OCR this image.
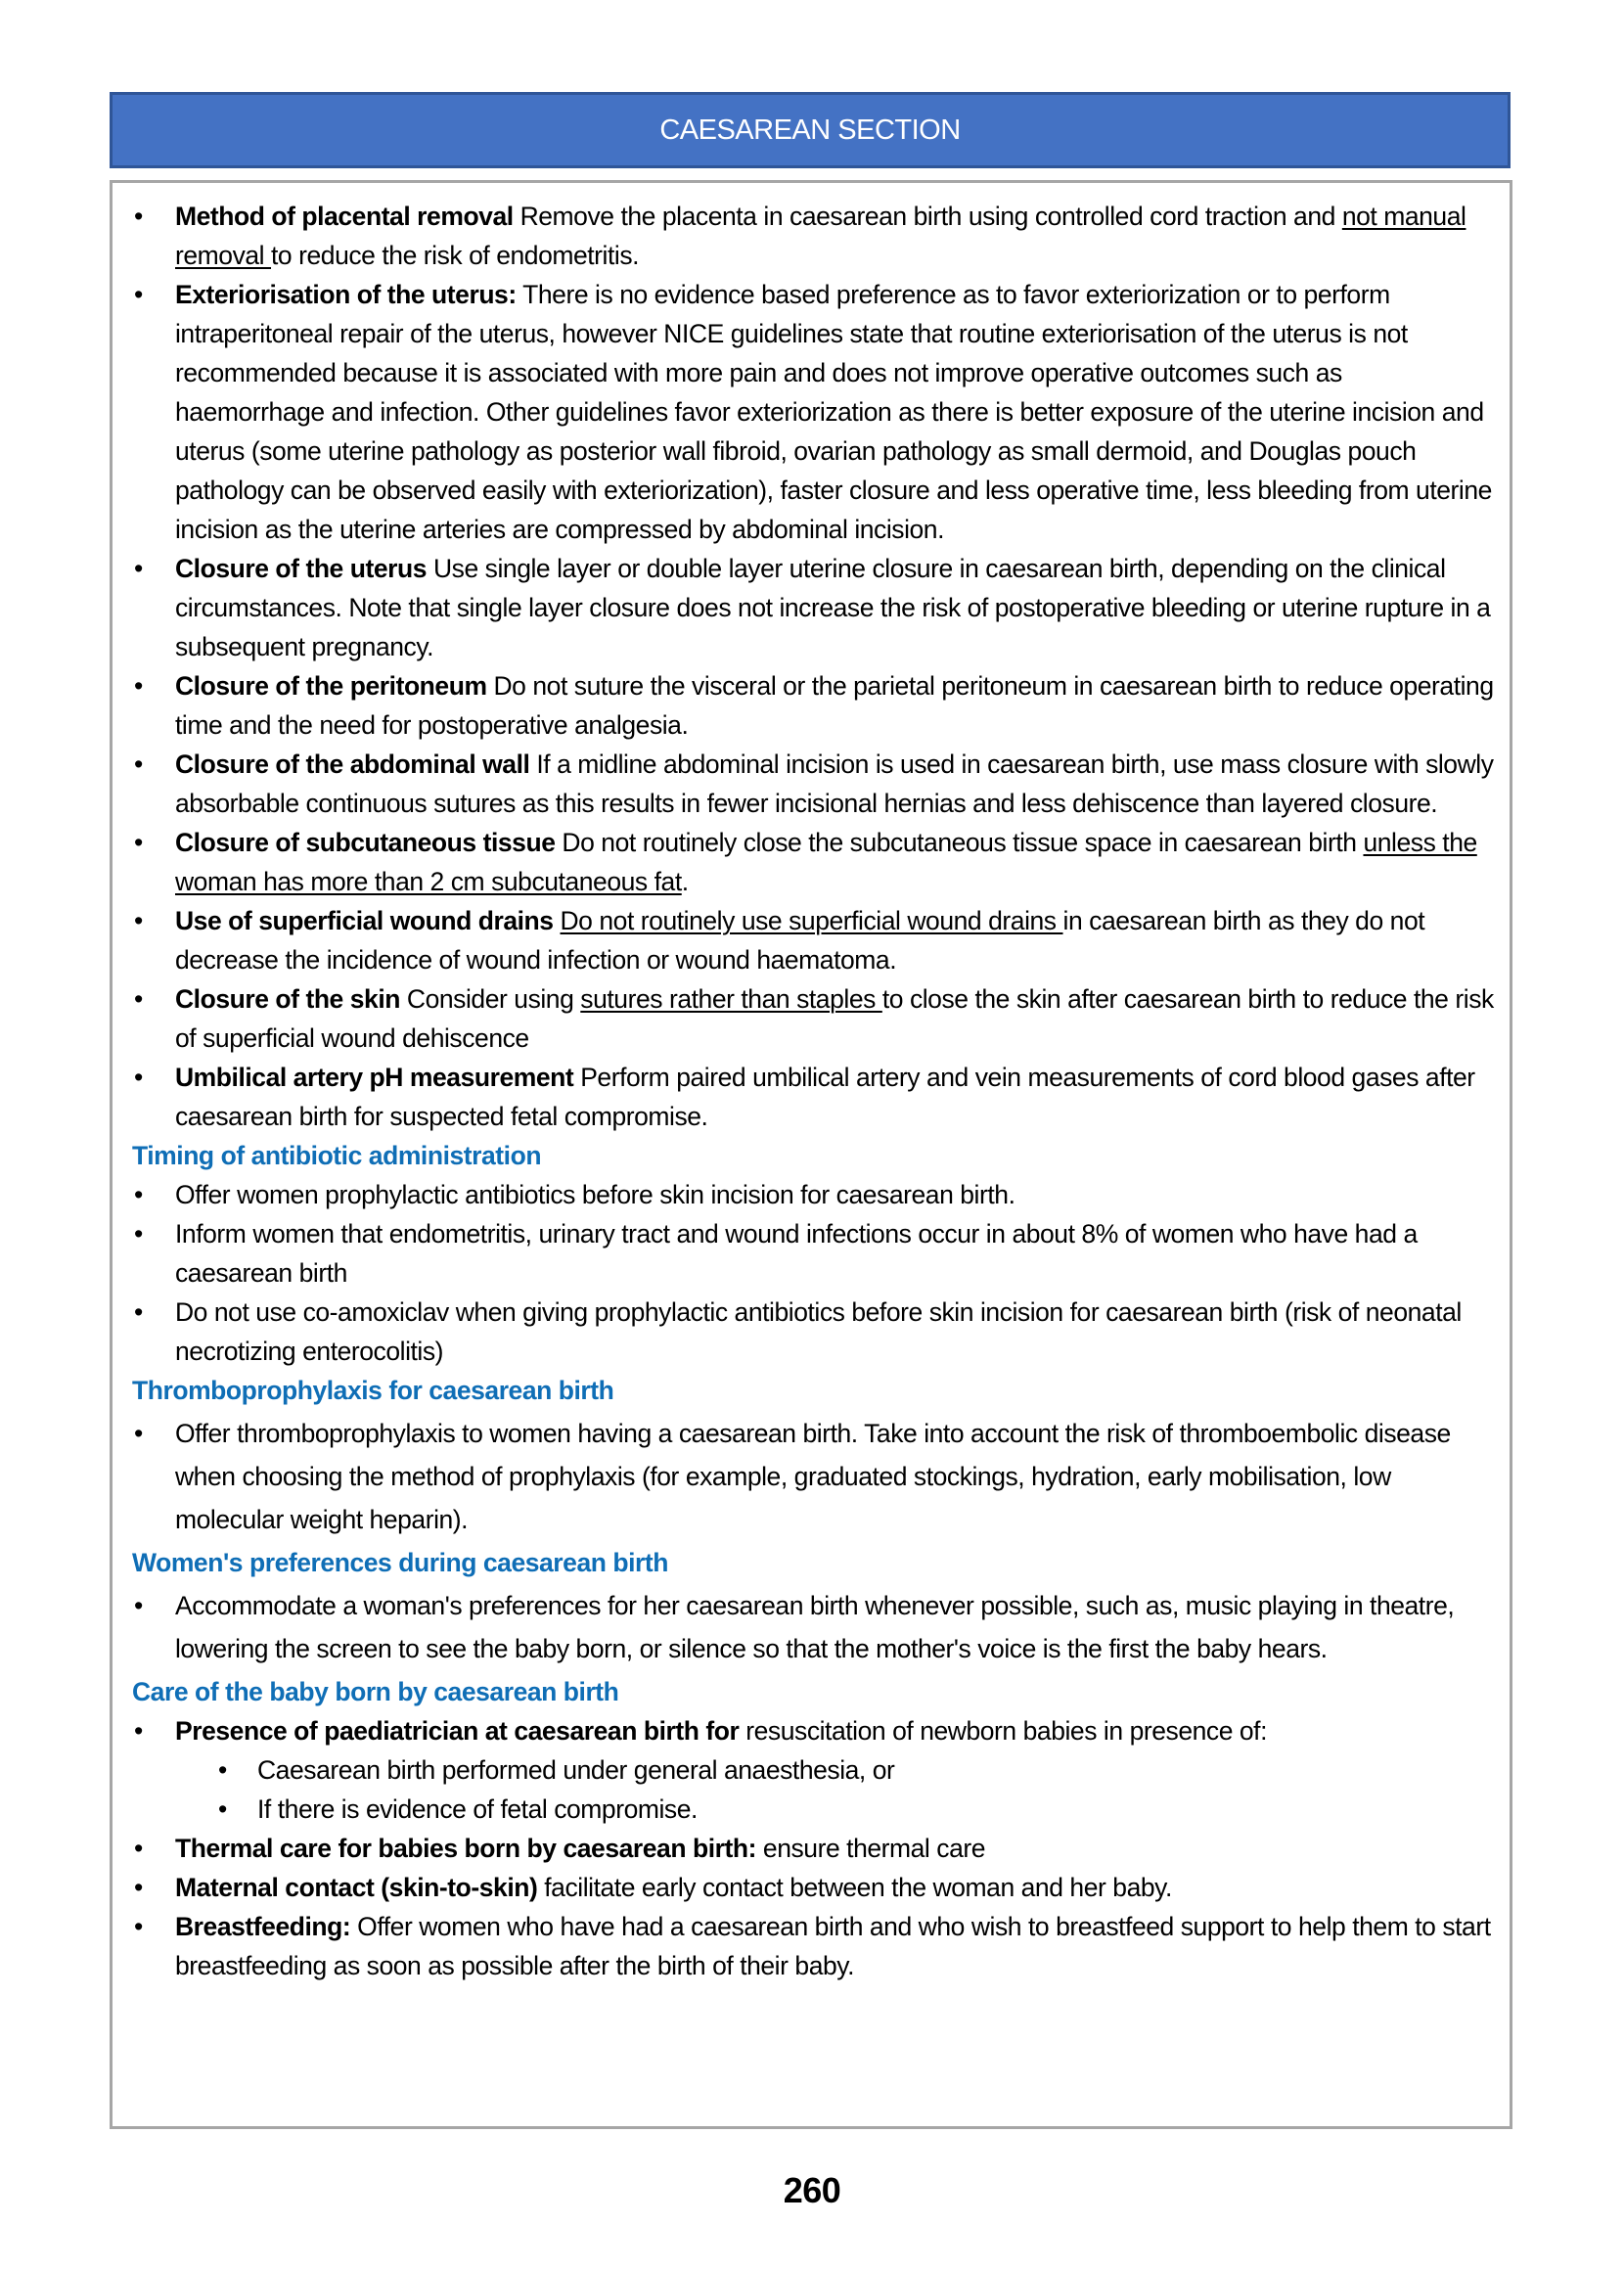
CAESAREAN SECTION
• Method of placental removal Remove the placenta in caesarean birth using controlled cord traction and not manual removal to reduce the risk of endometritis.
• Exteriorisation of the uterus: There is no evidence based preference as to favor exteriorization or to perform intraperitoneal repair of the uterus, however NICE guidelines state that routine exteriorisation of the uterus is not recommended because it is associated with more pain and does not improve operative outcomes such as haemorrhage and infection. Other guidelines favor exteriorization as there is better exposure of the uterine incision and uterus (some uterine pathology as posterior wall fibroid, ovarian pathology as small dermoid, and Douglas pouch pathology can be observed easily with exteriorization), faster closure and less operative time, less bleeding from uterine incision as the uterine arteries are compressed by abdominal incision.
• Closure of the uterus Use single layer or double layer uterine closure in caesarean birth, depending on the clinical circumstances. Note that single layer closure does not increase the risk of postoperative bleeding or uterine rupture in a subsequent pregnancy.
• Closure of the peritoneum Do not suture the visceral or the parietal peritoneum in caesarean birth to reduce operating time and the need for postoperative analgesia.
• Closure of the abdominal wall If a midline abdominal incision is used in caesarean birth, use mass closure with slowly absorbable continuous sutures as this results in fewer incisional hernias and less dehiscence than layered closure.
• Closure of subcutaneous tissue Do not routinely close the subcutaneous tissue space in caesarean birth unless the woman has more than 2 cm subcutaneous fat.
• Use of superficial wound drains Do not routinely use superficial wound drains in caesarean birth as they do not decrease the incidence of wound infection or wound haematoma.
• Closure of the skin Consider using sutures rather than staples to close the skin after caesarean birth to reduce the risk of superficial wound dehiscence
• Umbilical artery pH measurement Perform paired umbilical artery and vein measurements of cord blood gases after caesarean birth for suspected fetal compromise.

Timing of antibiotic administration

• Offer women prophylactic antibiotics before skin incision for caesarean birth.
• Inform women that endometritis, urinary tract and wound infections occur in about 8% of women who have had a caesarean birth
• Do not use co-amoxiclav when giving prophylactic antibiotics before skin incision for caesarean birth (risk of neonatal necrotizing enterocolitis)

Thromboprophylaxis for caesarean birth

• Offer thromboprophylaxis to women having a caesarean birth. Take into account the risk of thromboembolic disease when choosing the method of prophylaxis (for example, graduated stockings, hydration, early mobilisation, low molecular weight heparin).

Women's preferences during caesarean birth

• Accommodate a woman's preferences for her caesarean birth whenever possible, such as, music playing in theatre, lowering the screen to see the baby born, or silence so that the mother's voice is the first the baby hears.

Care of the baby born by caesarean birth

• Presence of paediatrician at caesarean birth for resuscitation of newborn babies in presence of:
• Caesarean birth performed under general anaesthesia, or
• If there is evidence of fetal compromise.
• Thermal care for babies born by caesarean birth: ensure thermal care
• Maternal contact (skin-to-skin) facilitate early contact between the woman and her baby.
• Breastfeeding: Offer women who have had a caesarean birth and who wish to breastfeed support to help them to start breastfeeding as soon as possible after the birth of their baby.
260
